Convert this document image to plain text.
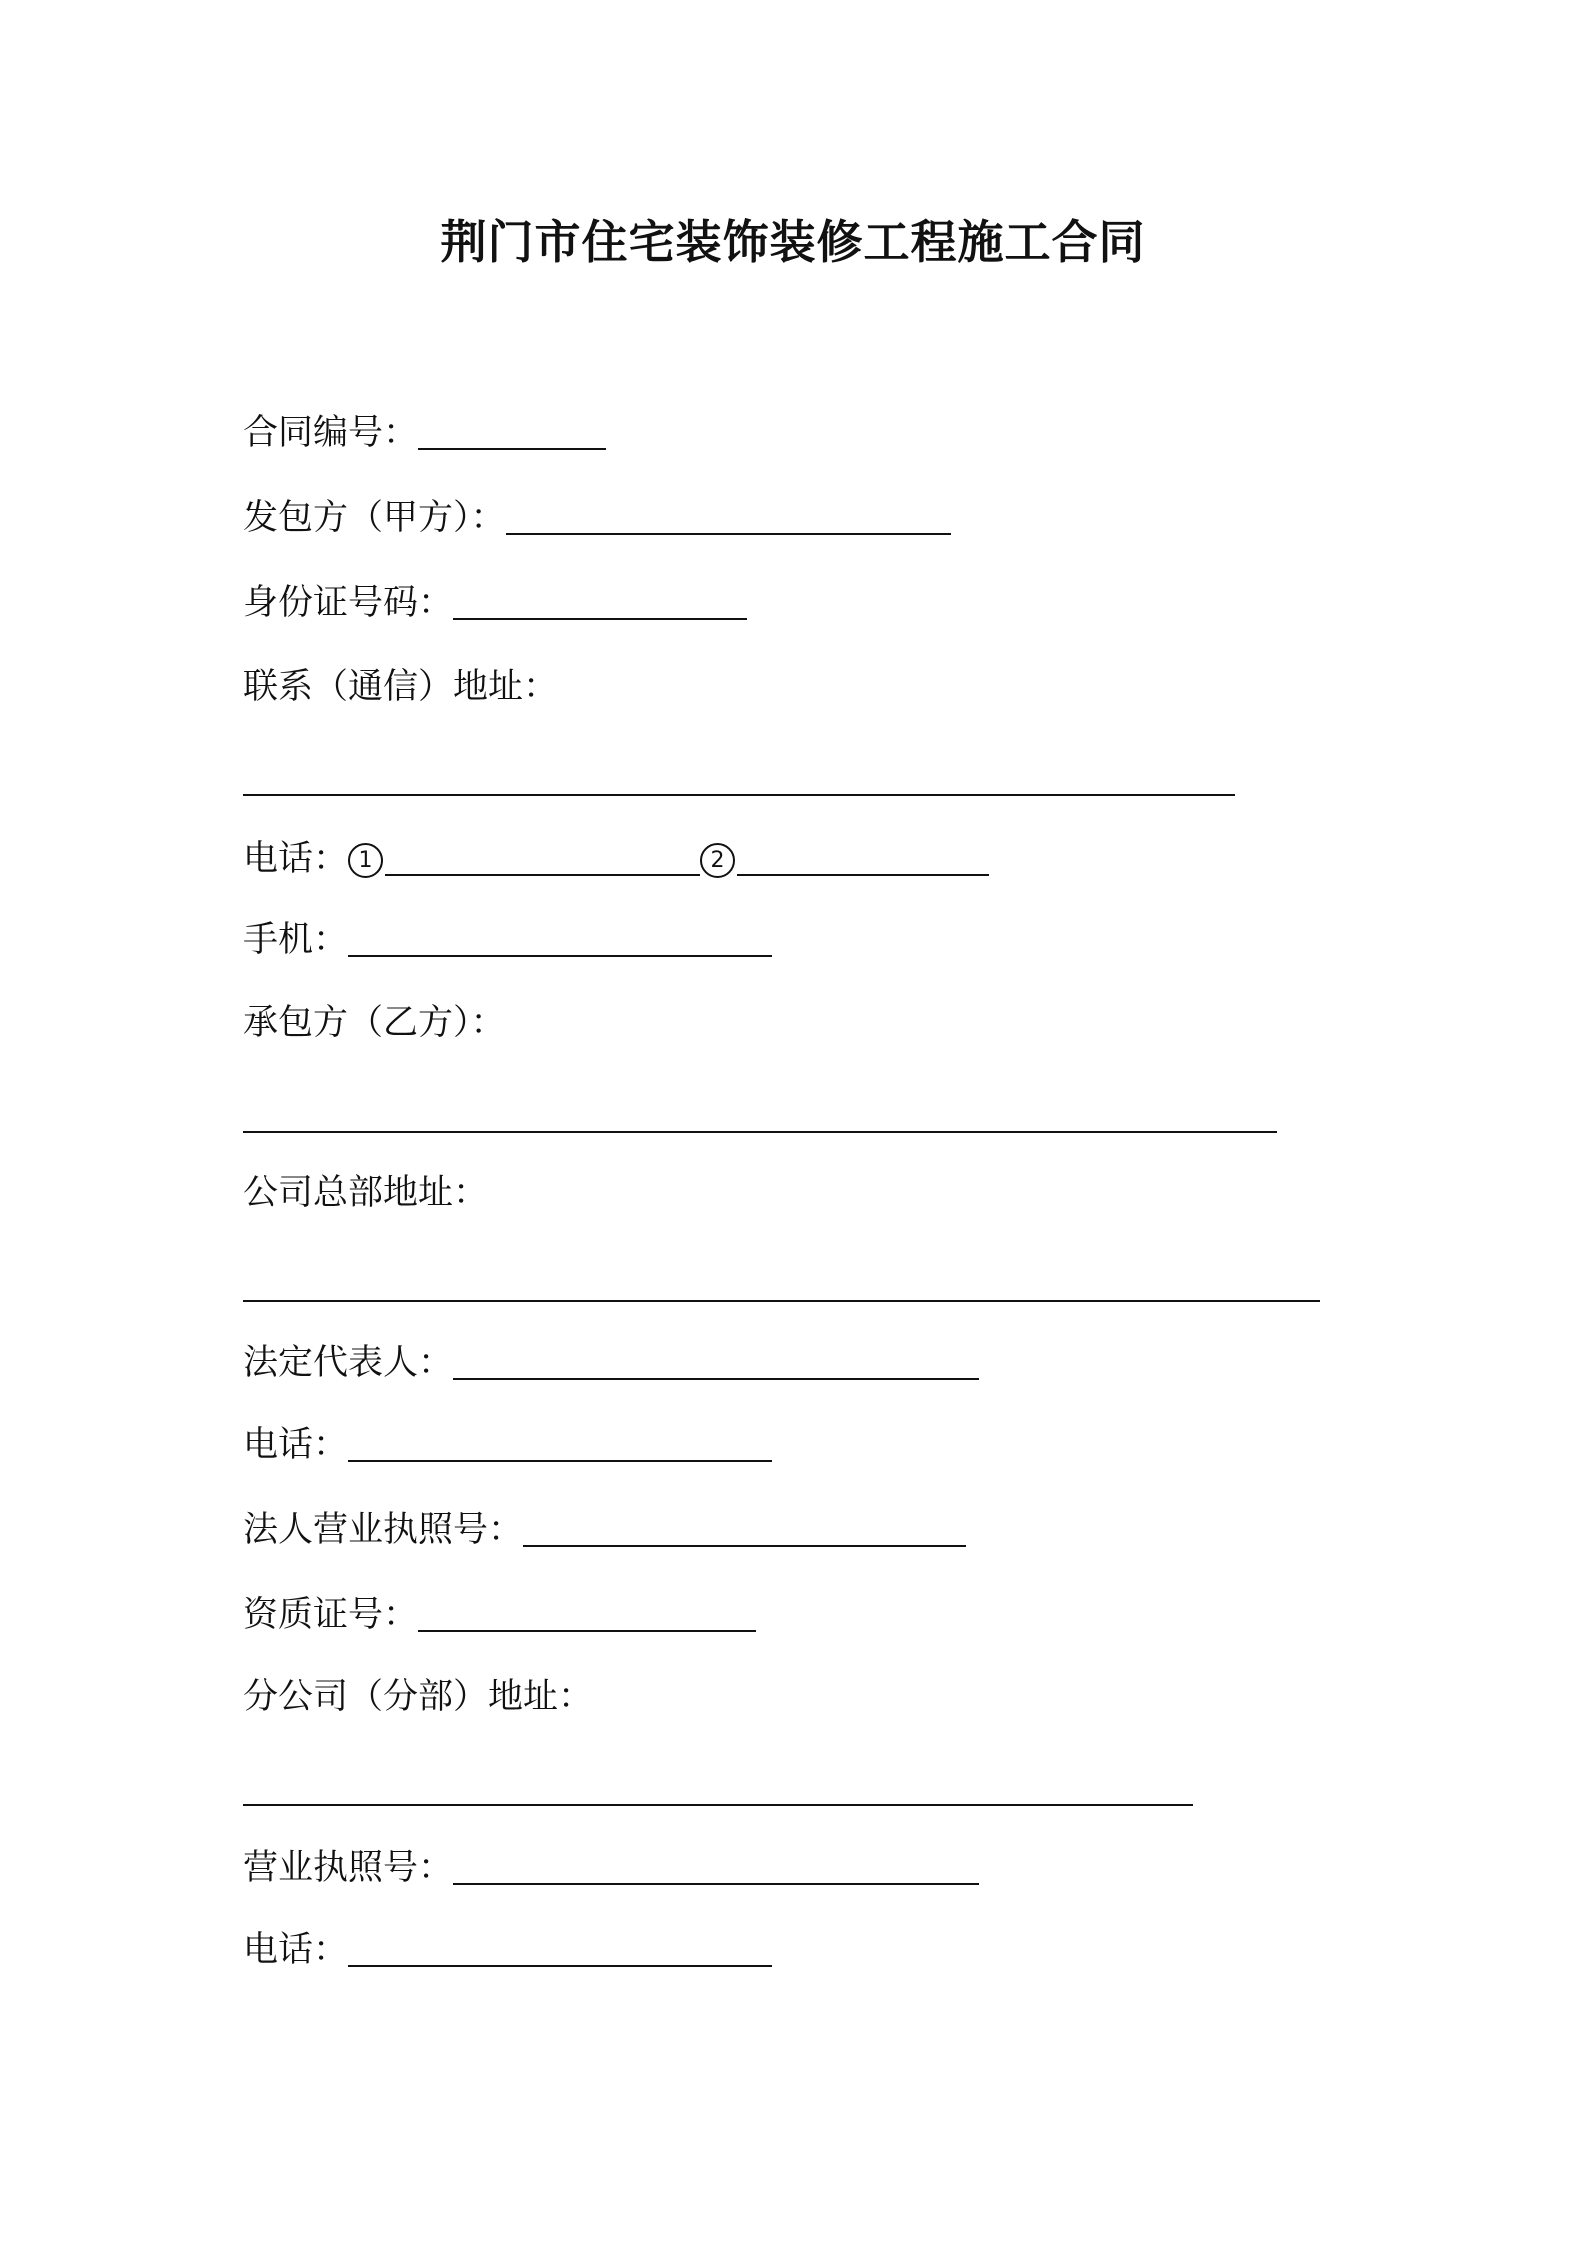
荆门市住宅装饰装修工程施工合同
合同编号：
发包方（甲方）：
身份证号码：
联系（通信）地址：
电话： 1	2
手机：
承包方（乙方）：
公司总部地址：
法定代表人：
电话：
法人营业执照号：
资质证号：
分公司（分部）地址：
营业执照号：
电话：
